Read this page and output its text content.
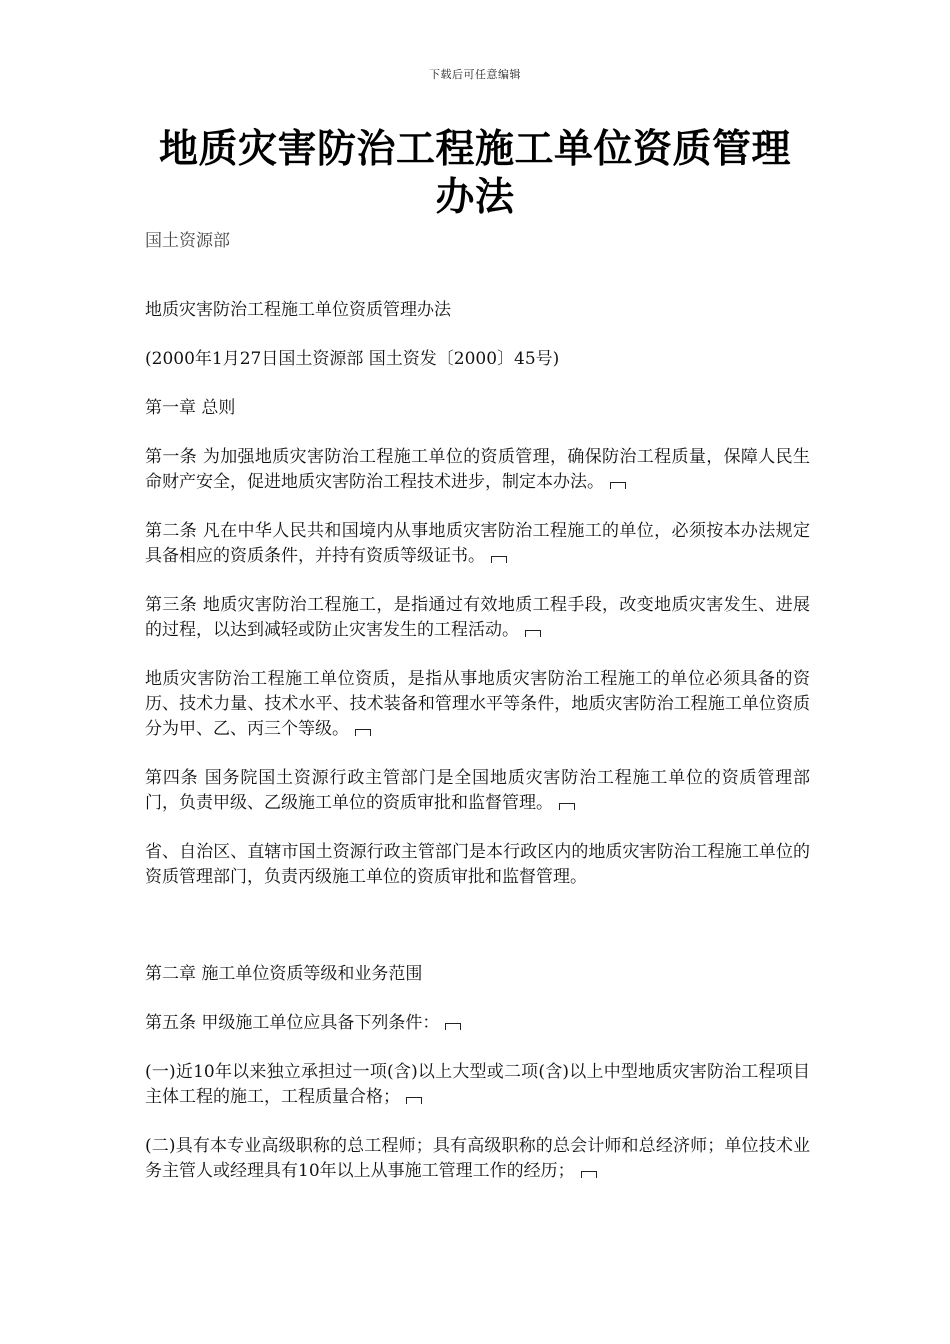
下载后可任意编辑
地质灾害防治工程施工单位资质管理办法
国土资源部

地质灾害防治工程施工单位资质管理办法

(2000年1月27日国土资源部 国土资发〔2000〕45号)

第一章 总则

第一条 为加强地质灾害防治工程施工单位的资质管理，确保防治工程质量，保障人民生命财产安全，促进地质灾害防治工程技术进步，制定本办法。

第二条 凡在中华人民共和国境内从事地质灾害防治工程施工的单位，必须按本办法规定具备相应的资质条件，并持有资质等级证书。

第三条 地质灾害防治工程施工，是指通过有效地质工程手段，改变地质灾害发生、进展的过程，以达到减轻或防止灾害发生的工程活动。

地质灾害防治工程施工单位资质，是指从事地质灾害防治工程施工的单位必须具备的资历、技术力量、技术水平、技术装备和管理水平等条件，地质灾害防治工程施工单位资质分为甲、乙、丙三个等级。

第四条 国务院国土资源行政主管部门是全国地质灾害防治工程施工单位的资质管理部门，负责甲级、乙级施工单位的资质审批和监督管理。

省、自治区、直辖市国土资源行政主管部门是本行政区内的地质灾害防治工程施工单位的资质管理部门，负责丙级施工单位的资质审批和监督管理。

第二章 施工单位资质等级和业务范围

第五条 甲级施工单位应具备下列条件：

(一)近10年以来独立承担过一项(含)以上大型或二项(含)以上中型地质灾害防治工程项目主体工程的施工，工程质量合格；

(二)具有本专业高级职称的总工程师；具有高级职称的总会计师和总经济师；单位技术业务主管人或经理具有10年以上从事施工管理工作的经历；
